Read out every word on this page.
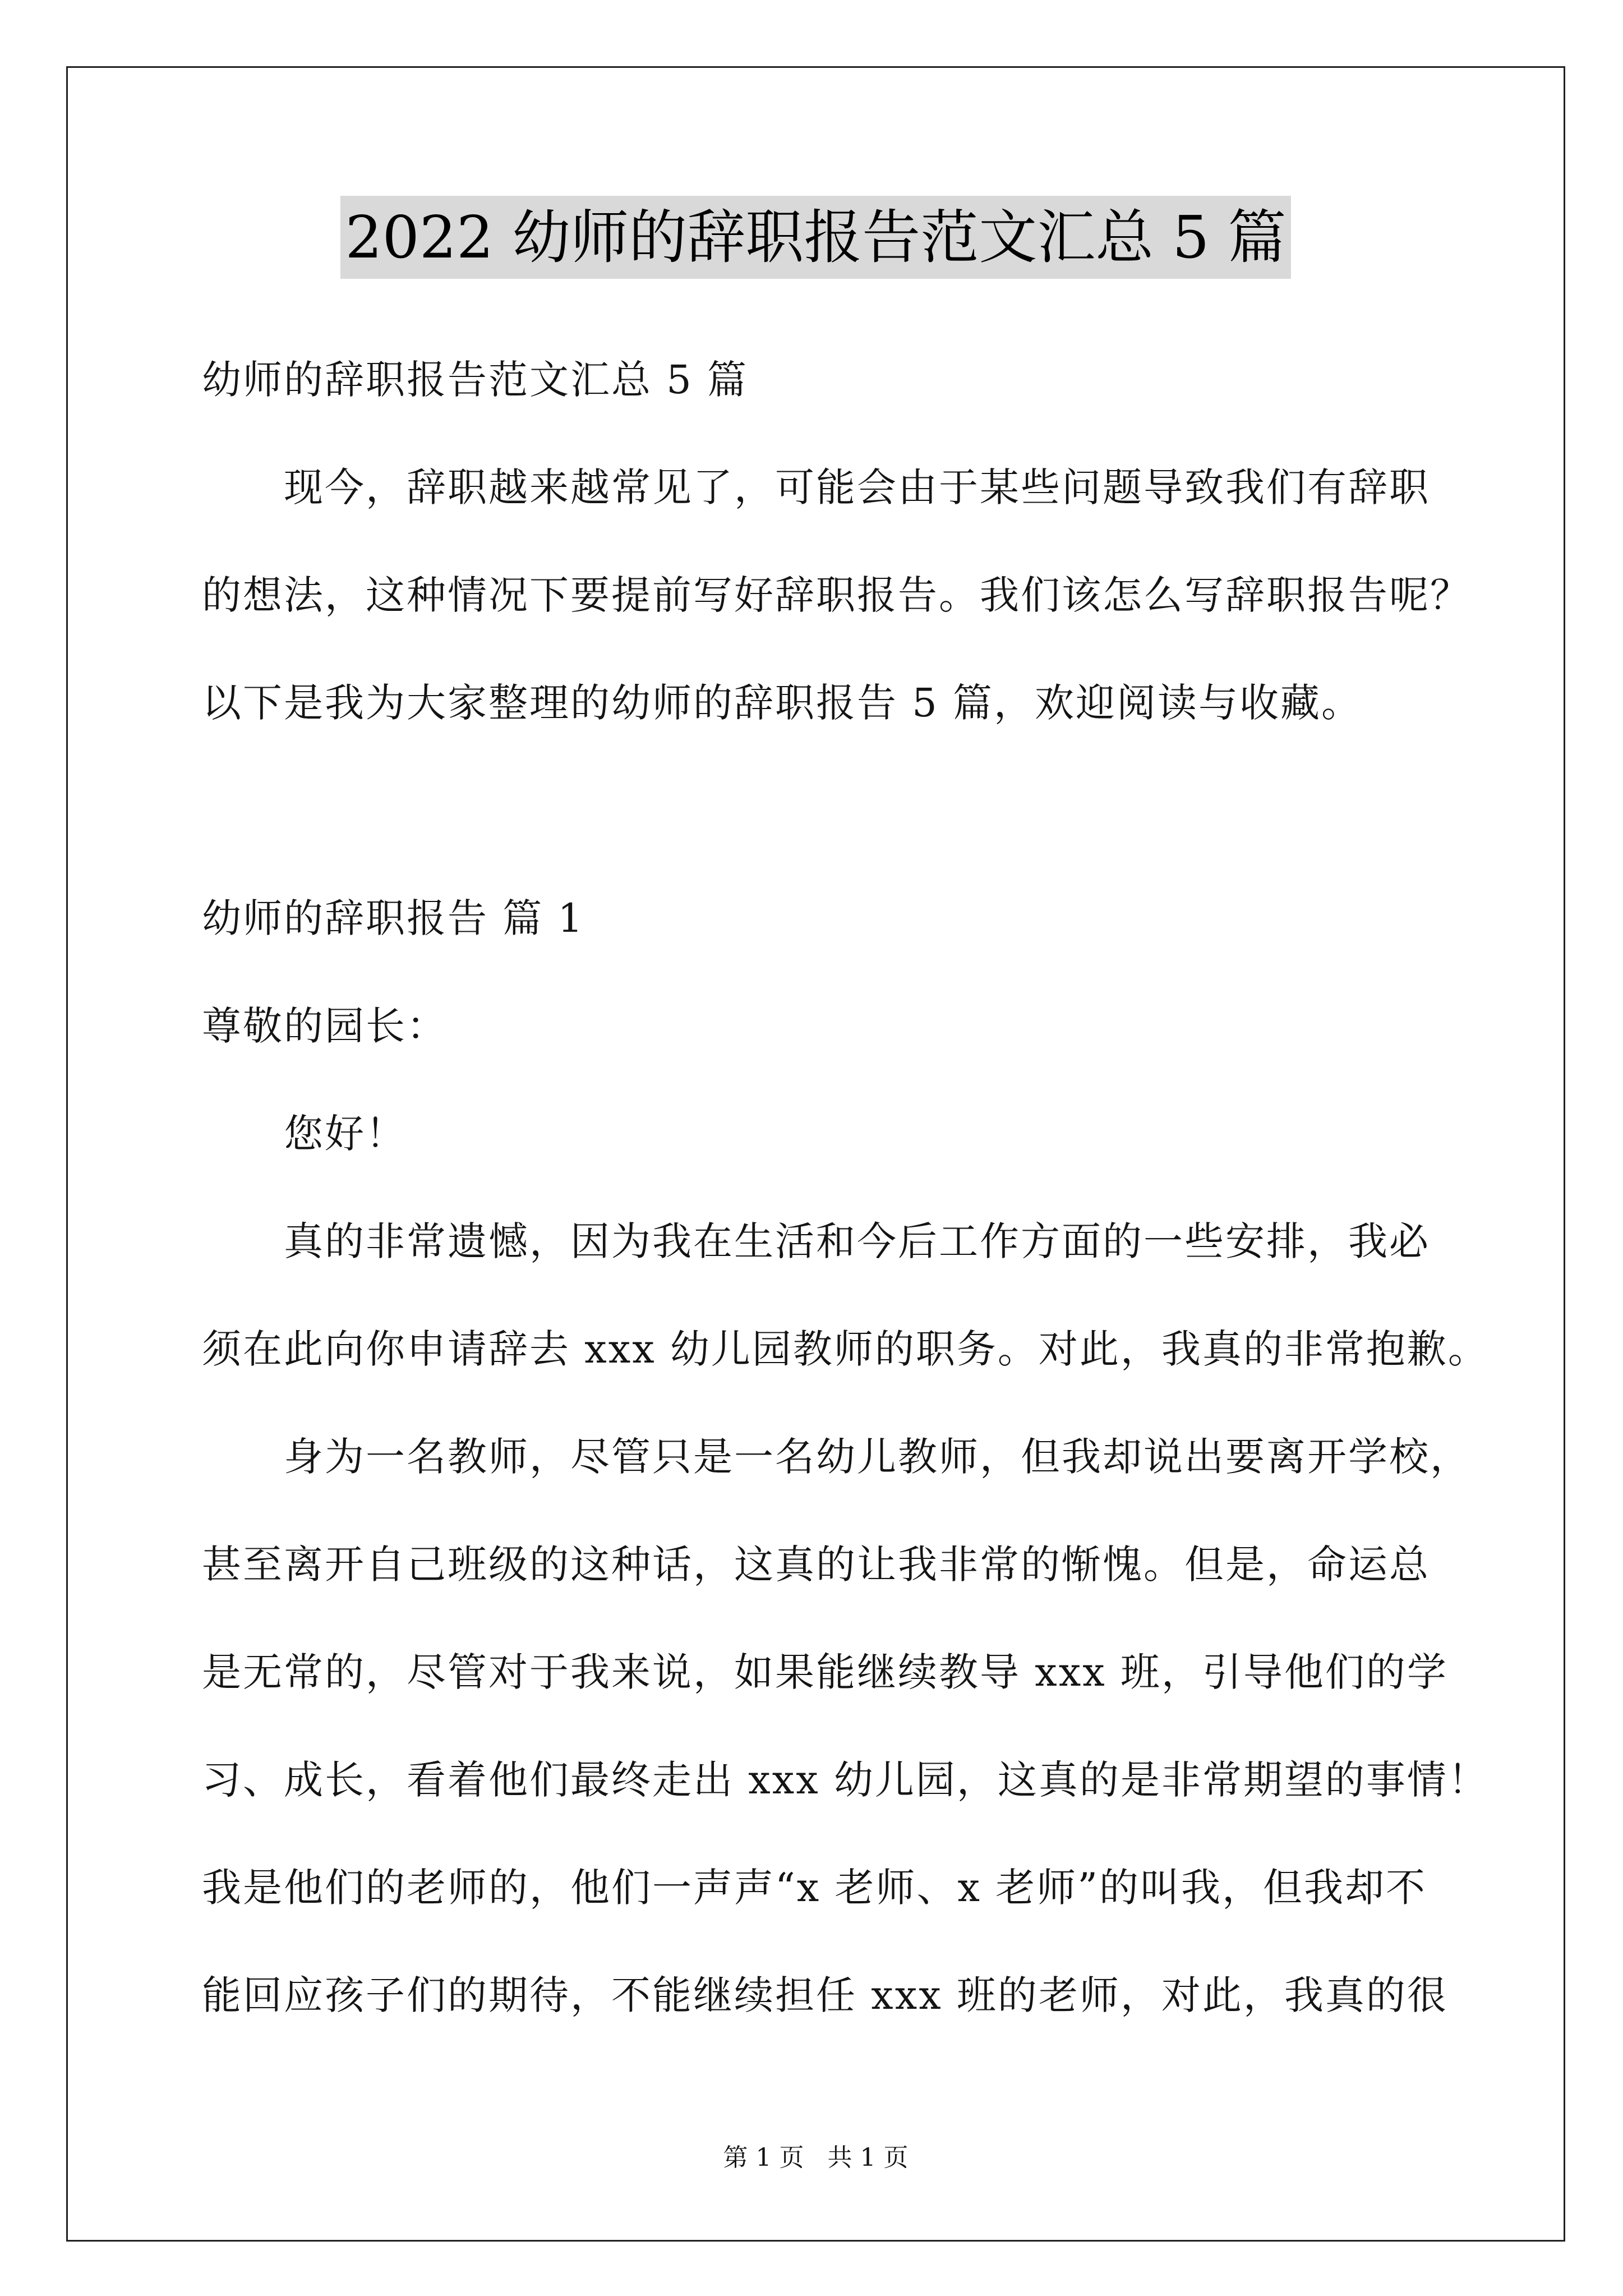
2022 幼师的辞职报告范文汇总 5 篇
幼师的辞职报告范文汇总 5 篇
现今，辞职越来越常见了，可能会由于某些问题导致我们有辞职
的想法，这种情况下要提前写好辞职报告。我们该怎么写辞职报告呢？
以下是我为大家整理的幼师的辞职报告 5 篇，欢迎阅读与收藏。
幼师的辞职报告 篇 1
尊敬的园长：
您好！
真的非常遗憾，因为我在生活和今后工作方面的一些安排，我必
须在此向你申请辞去 xxx 幼儿园教师的职务。对此，我真的非常抱歉。
身为一名教师，尽管只是一名幼儿教师，但我却说出要离开学校，
甚至离开自己班级的这种话，这真的让我非常的惭愧。但是，命运总
是无常的，尽管对于我来说，如果能继续教导 xxx 班，引导他们的学
习、成长，看着他们最终走出 xxx 幼儿园，这真的是非常期望的事情！
我是他们的老师的，他们一声声“x 老师、x 老师”的叫我，但我却不
能回应孩子们的期待，不能继续担任 xxx 班的老师，对此，我真的很
第 1 页   共 1 页
